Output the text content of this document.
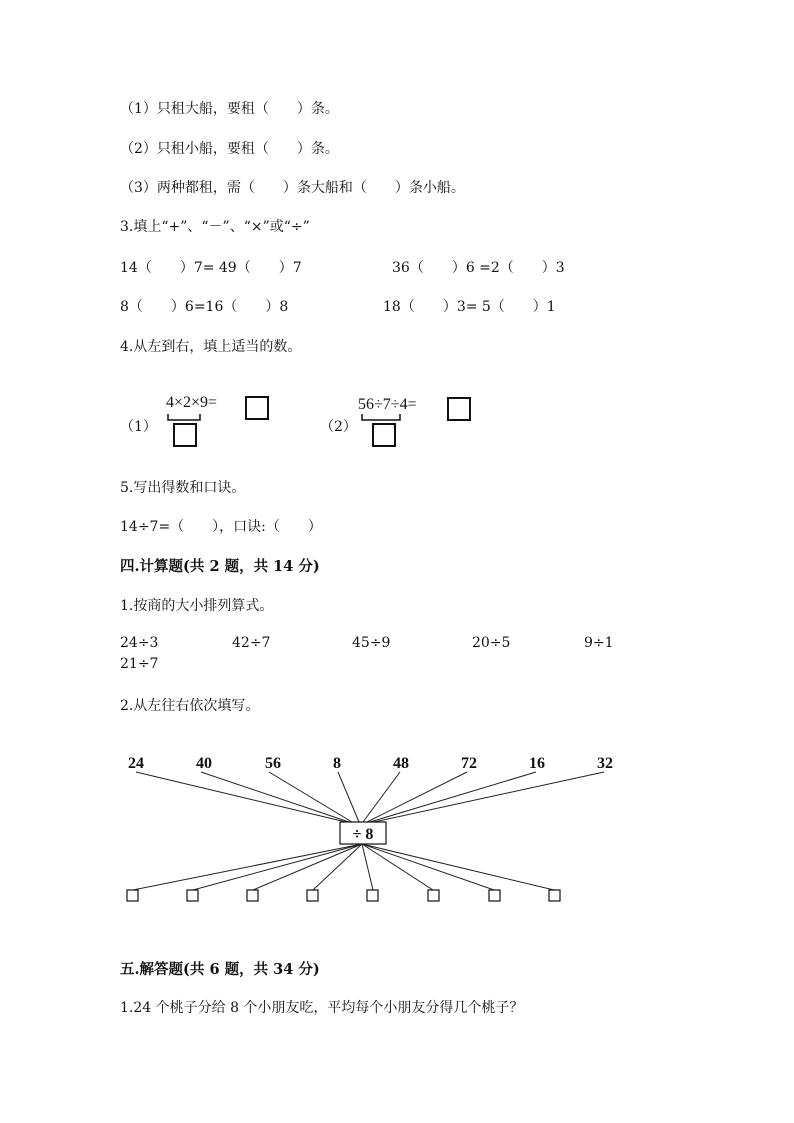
（1）只租大船，要租（　　）条。
（2）只租小船，要租（　　）条。
（3）两种都租，需（　　）条大船和（　　）条小船。
3.填上“+”、“－”、“×”或“÷”
14（　　）7= 49（　　）7	36（　　）6 =2（　　）3
8（　　）6=16（　　）8	18（　　）3= 5（　　）1
4.从左到右，填上适当的数。
（1）
4×2×9=
（2）
56÷7÷4=
5.写出得数和口诀。
14÷7=（　　），口诀:（　　）
四.计算题(共 2 题，共 14 分)
1.按商的大小排列算式。
24÷3	42÷7	45÷9	20÷5	9÷1
21÷7
2.从左往右依次填写。
24	40	56	8	48	72	16	32
÷ 8
五.解答题(共 6 题，共 34 分)
1.24 个桃子分给 8 个小朋友吃，平均每个小朋友分得几个桃子？
